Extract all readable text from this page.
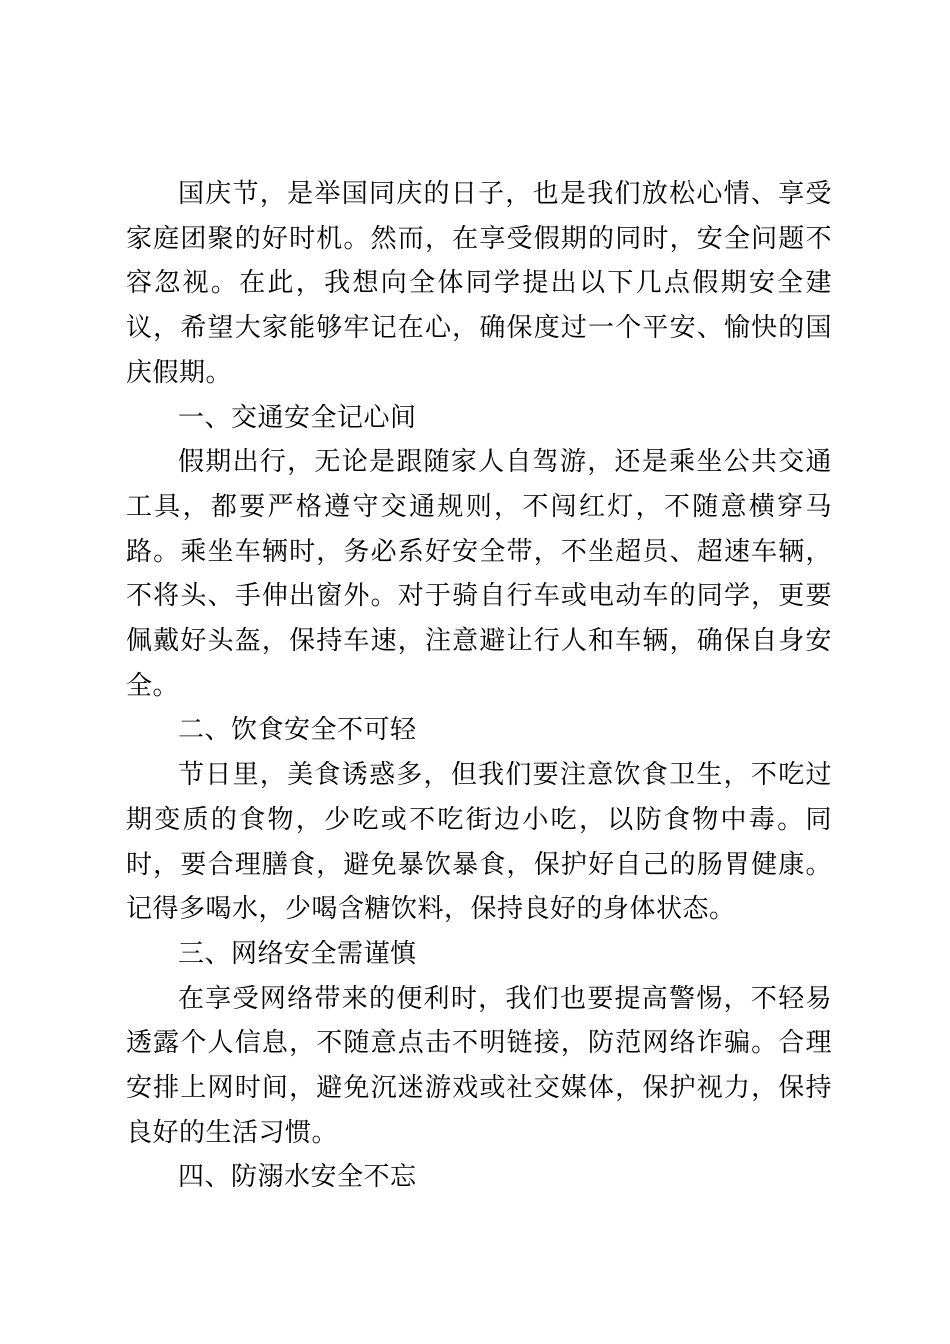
国庆节，是举国同庆的日子，也是我们放松心情、享受家庭团聚的好时机。然而，在享受假期的同时，安全问题不容忽视。在此，我想向全体同学提出以下几点假期安全建议，希望大家能够牢记在心，确保度过一个平安、愉快的国庆假期。

一、交通安全记心间

假期出行，无论是跟随家人自驾游，还是乘坐公共交通工具，都要严格遵守交通规则，不闯红灯，不随意横穿马路。乘坐车辆时，务必系好安全带，不坐超员、超速车辆，不将头、手伸出窗外。对于骑自行车或电动车的同学，更要佩戴好头盔，保持车速，注意避让行人和车辆，确保自身安全。

二、饮食安全不可轻

节日里，美食诱惑多，但我们要注意饮食卫生，不吃过期变质的食物，少吃或不吃街边小吃，以防食物中毒。同时，要合理膳食，避免暴饮暴食，保护好自己的肠胃健康。记得多喝水，少喝含糖饮料，保持良好的身体状态。

三、网络安全需谨慎

在享受网络带来的便利时，我们也要提高警惕，不轻易透露个人信息，不随意点击不明链接，防范网络诈骗。合理安排上网时间，避免沉迷游戏或社交媒体，保护视力，保持良好的生活习惯。

四、防溺水安全不忘
